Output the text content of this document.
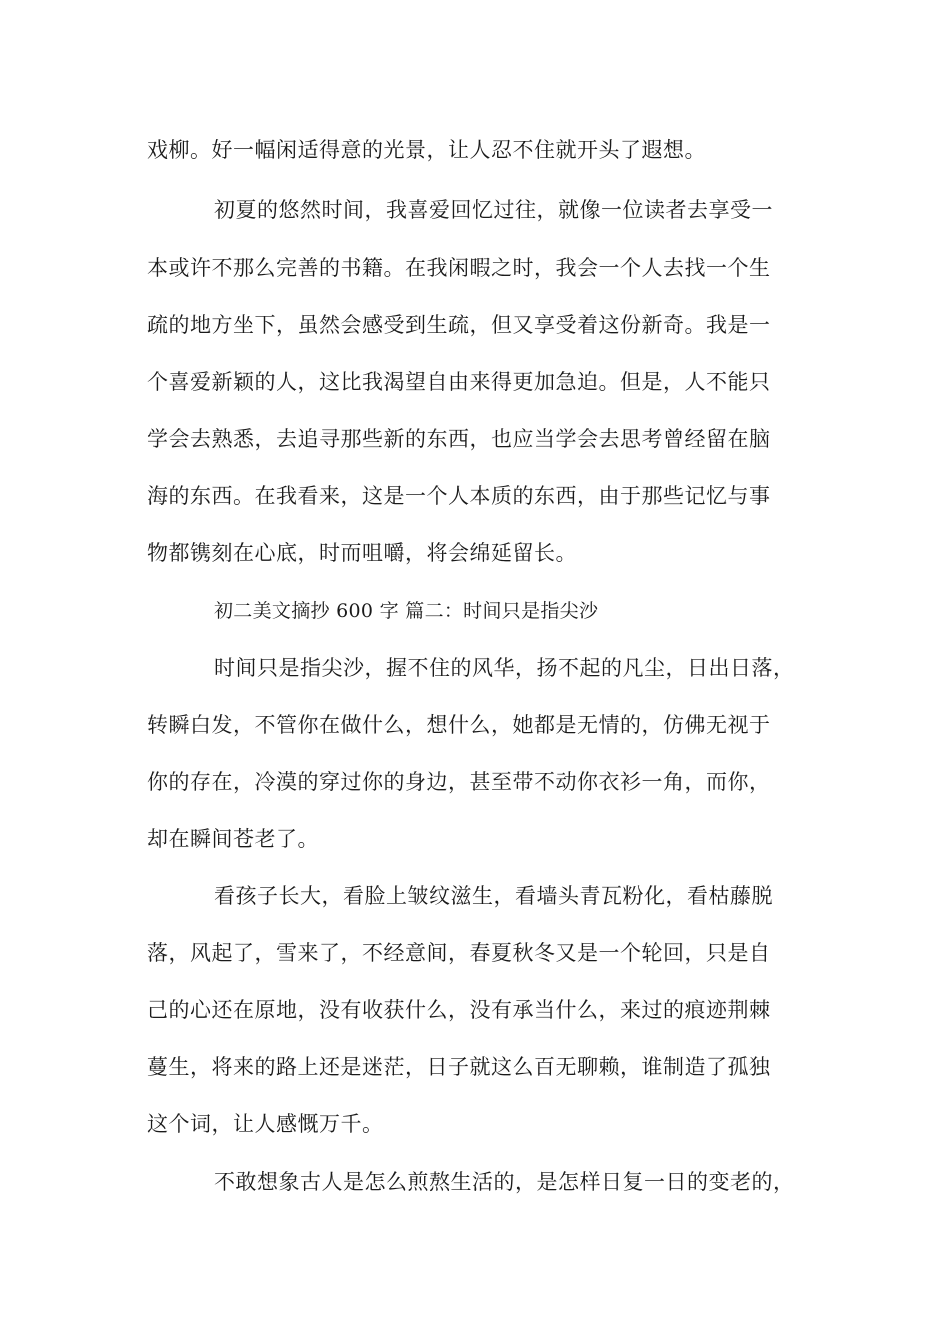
戏柳。好一幅闲适得意的光景，让人忍不住就开头了遐想。
初夏的悠然时间，我喜爱回忆过往，就像一位读者去享受一
本或许不那么完善的书籍。在我闲暇之时，我会一个人去找一个生
疏的地方坐下，虽然会感受到生疏，但又享受着这份新奇。我是一
个喜爱新颖的人，这比我渴望自由来得更加急迫。但是，人不能只
学会去熟悉，去追寻那些新的东西，也应当学会去思考曾经留在脑
海的东西。在我看来，这是一个人本质的东西，由于那些记忆与事
物都镌刻在心底，时而咀嚼，将会绵延留长。
初二美文摘抄 600 字 篇二：时间只是指尖沙
时间只是指尖沙，握不住的风华，扬不起的凡尘，日出日落，
转瞬白发，不管你在做什么，想什么，她都是无情的，仿佛无视于
你的存在，冷漠的穿过你的身边，甚至带不动你衣衫一角，而你，
却在瞬间苍老了。
看孩子长大，看脸上皱纹滋生，看墙头青瓦粉化，看枯藤脱
落，风起了，雪来了，不经意间，春夏秋冬又是一个轮回，只是自
己的心还在原地，没有收获什么，没有承当什么，来过的痕迹荆棘
蔓生，将来的路上还是迷茫，日子就这么百无聊赖，谁制造了孤独
这个词，让人感慨万千。
不敢想象古人是怎么煎熬生活的，是怎样日复一日的变老的，
